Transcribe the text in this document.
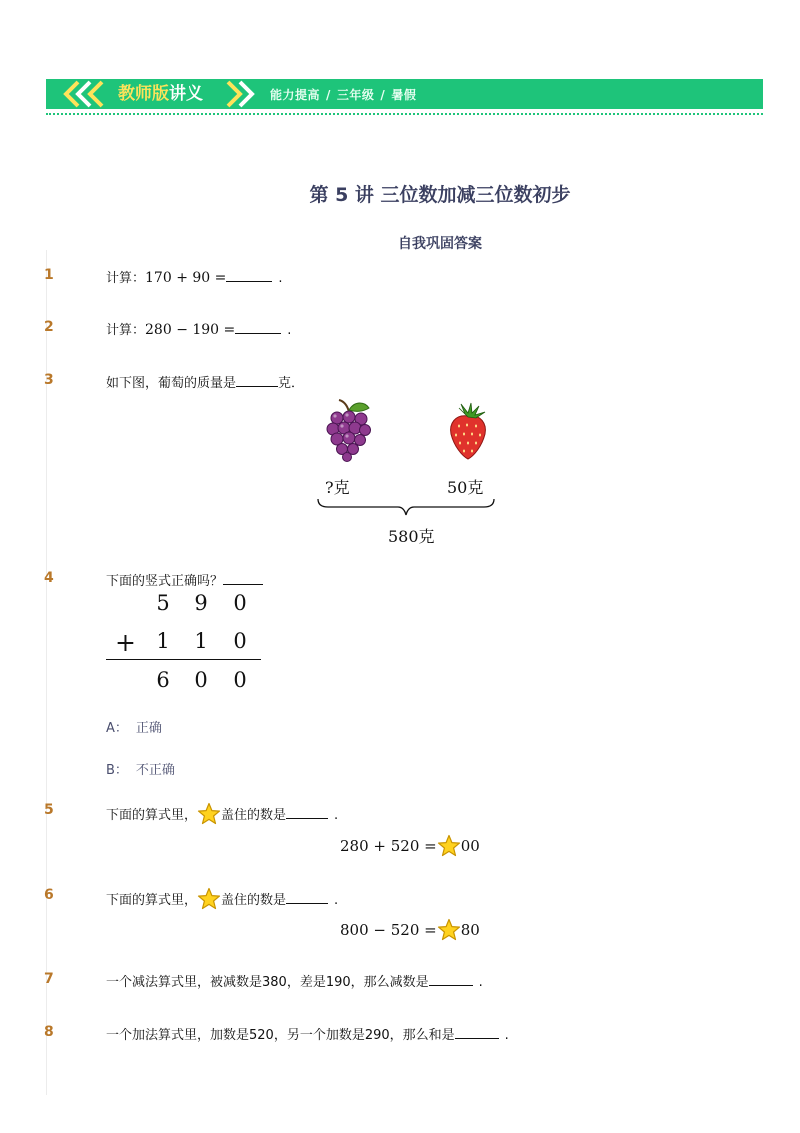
教师版讲义	能力提高 / 三年级 / 暑假
第 5 讲 三位数加减三位数初步
自我巩固答案
1	计算：170 + 90 =	.
2	计算：280 − 190 =	.
3	如下图，葡萄的质量是	克．
?克	50克
580克
4	下面的竖式正确吗？
5 9 0
+ 1 1 0
6 0 0
A： 正确
B： 不正确
5	下面的算式里， 盖住的数是	.
280 + 520 = 00
6	下面的算式里， 盖住的数是	.
800 − 520 = 80
7	一个减法算式里，被减数是380，差是190，那么减数是	.
8	一个加法算式里，加数是520，另一个加数是290，那么和是	.
